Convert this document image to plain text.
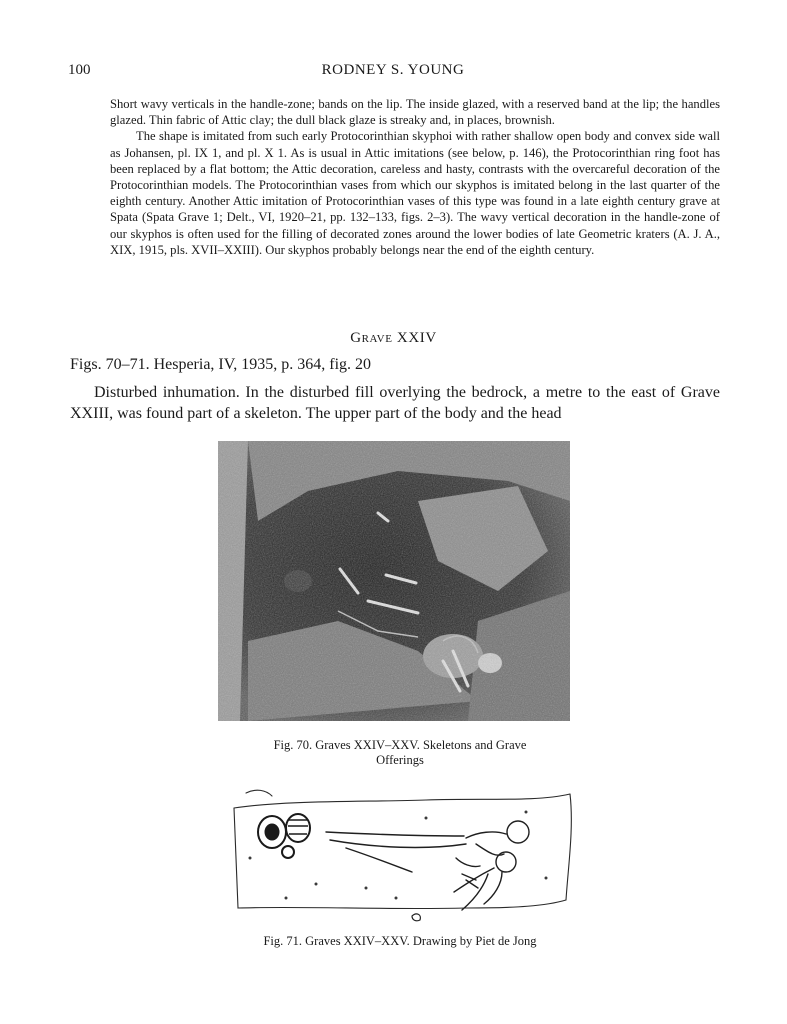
100	RODNEY S. YOUNG

Short wavy verticals in the handle-zone; bands on the lip. The inside glazed, with a reserved band at the lip; the handles glazed. Thin fabric of Attic clay; the dull black glaze is streaky and, in places, brownish.

The shape is imitated from such early Protocorinthian skyphoi with rather shallow open body and convex side wall as Johansen, pl. IX 1, and pl. X 1. As is usual in Attic imitations (see below, p. 146), the Protocorinthian ring foot has been replaced by a flat bottom; the Attic decoration, careless and hasty, contrasts with the overcareful decoration of the Protocorinthian models. The Protocorinthian vases from which our skyphos is imitated belong in the last quarter of the eighth century. Another Attic imitation of Protocorinthian vases of this type was found in a late eighth century grave at Spata (Spata Grave 1; Delt., VI, 1920–21, pp. 132–133, figs. 2–3). The wavy vertical decoration in the handle-zone of our skyphos is often used for the filling of decorated zones around the lower bodies of late Geometric kraters (A. J. A., XIX, 1915, pls. XVII–XXIII). Our skyphos probably belongs near the end of the eighth century.

Grave XXIV
Figs. 70–71. Hesperia, IV, 1935, p. 364, fig. 20

Disturbed inhumation. In the disturbed fill overlying the bedrock, a metre to the east of Grave XXIII, was found part of a skeleton. The upper part of the body and the head

Fig. 70. Graves XXIV–XXV. Skeletons and Grave
Offerings
Fig. 71. Graves XXIV–XXV. Drawing by Piet de Jong
